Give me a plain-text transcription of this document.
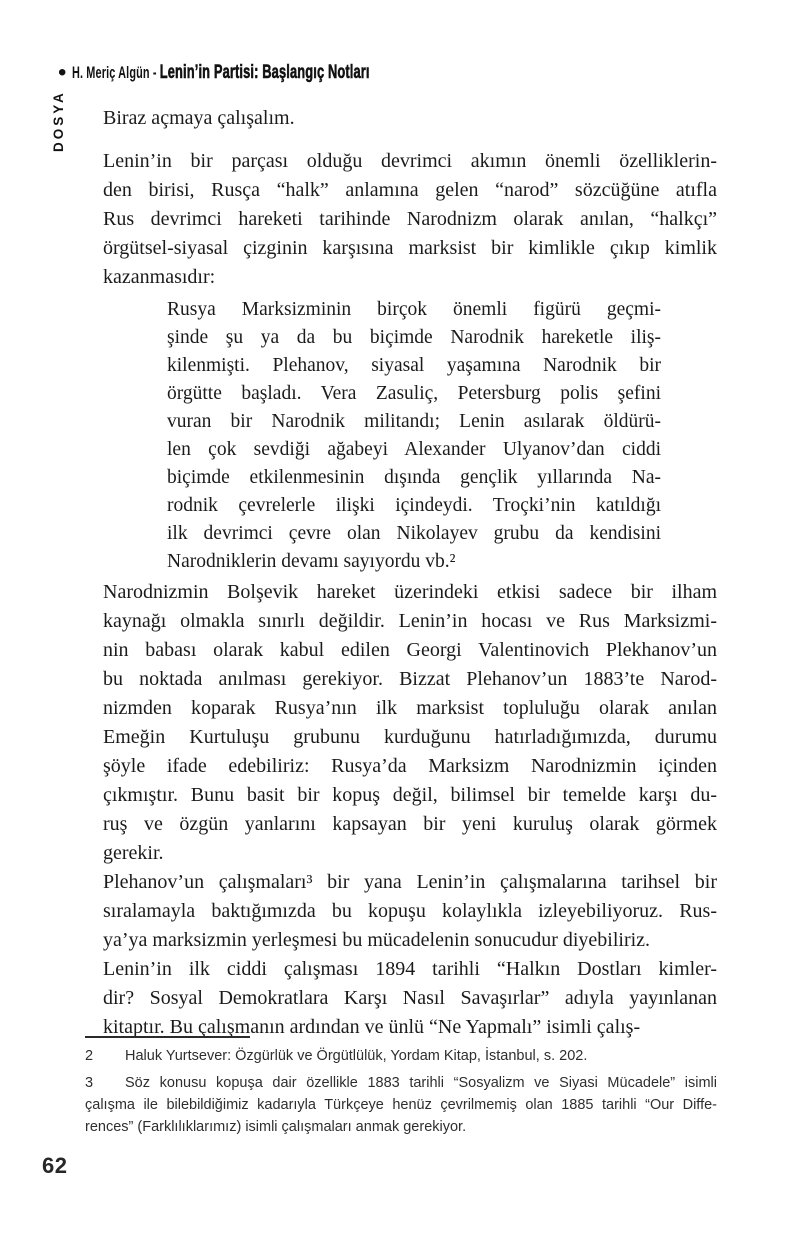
• H. Meriç Algün - Lenin’in Partisi: Başlangıç Notları
DOSYA Biraz açmaya çalışalım.
Lenin’in bir parçası olduğu devrimci akımın önemli özelliklerin-
den birisi, Rusça “halk” anlamına gelen “narod” sözcüğüne atıfla
Rus devrimci hareketi tarihinde Narodnizm olarak anılan, “halkçı”
örgütsel-siyasal çizginin karşısına marksist bir kimlikle çıkıp kimlik
kazanmasıdır:
Rusya Marksizminin birçok önemli figürü geçmi-
şinde şu ya da bu biçimde Narodnik hareketle iliş-
kilenmişti. Plehanov, siyasal yaşamına Narodnik bir
örgütte başladı. Vera Zasuliç, Petersburg polis şefini
vuran bir Narodnik militandı; Lenin asılarak öldürü-
len çok sevdiği ağabeyi Alexander Ulyanov’dan ciddi
biçimde etkilenmesinin dışında gençlik yıllarında Na-
rodnik çevrelerle ilişki içindeydi. Troçki’nin katıldığı
ilk devrimci çevre olan Nikolayev grubu da kendisini
Narodniklerin devamı sayıyordu vb.²
Narodnizmin Bolşevik hareket üzerindeki etkisi sadece bir ilham
kaynağı olmakla sınırlı değildir. Lenin’in hocası ve Rus Marksizmi-
nin babası olarak kabul edilen Georgi Valentinovich Plekhanov’un
bu noktada anılması gerekiyor. Bizzat Plehanov’un 1883’te Narod-
nizmden koparak Rusya’nın ilk marksist topluluğu olarak anılan
Emeğin Kurtuluşu grubunu kurduğunu hatırladığımızda, durumu
şöyle ifade edebiliriz: Rusya’da Marksizm Narodnizmin içinden
çıkmıştır. Bunu basit bir kopuş değil, bilimsel bir temelde karşı du-
ruş ve özgün yanlarını kapsayan bir yeni kuruluş olarak görmek
gerekir.
Plehanov’un çalışmaları³ bir yana Lenin’in çalışmalarına tarihsel bir
sıralamayla baktığımızda bu kopuşu kolaylıkla izleyebiliyoruz. Rus-
ya’ya marksizmin yerleşmesi bu mücadelenin sonucudur diyebiliriz.
Lenin’in ilk ciddi çalışması 1894 tarihli “Halkın Dostları kimler-
dir? Sosyal Demokratlara Karşı Nasıl Savaşırlar” adıyla yayınlanan
kitaptır. Bu çalışmanın ardından ve ünlü “Ne Yapmalı” isimli çalış-
2 Haluk Yurtsever: Özgürlük ve Örgütlülük, Yordam Kitap, İstanbul, s. 202.
3 Söz konusu kopuşa dair özellikle 1883 tarihli “Sosyalizm ve Siyasi Mücadele” isimli
çalışma ile bilebildiğimiz kadarıyla Türkçeye henüz çevrilmemiş olan 1885 tarihli “Our Diffe-
rences” (Farklılıklarımız) isimli çalışmaları anmak gerekiyor.
62
